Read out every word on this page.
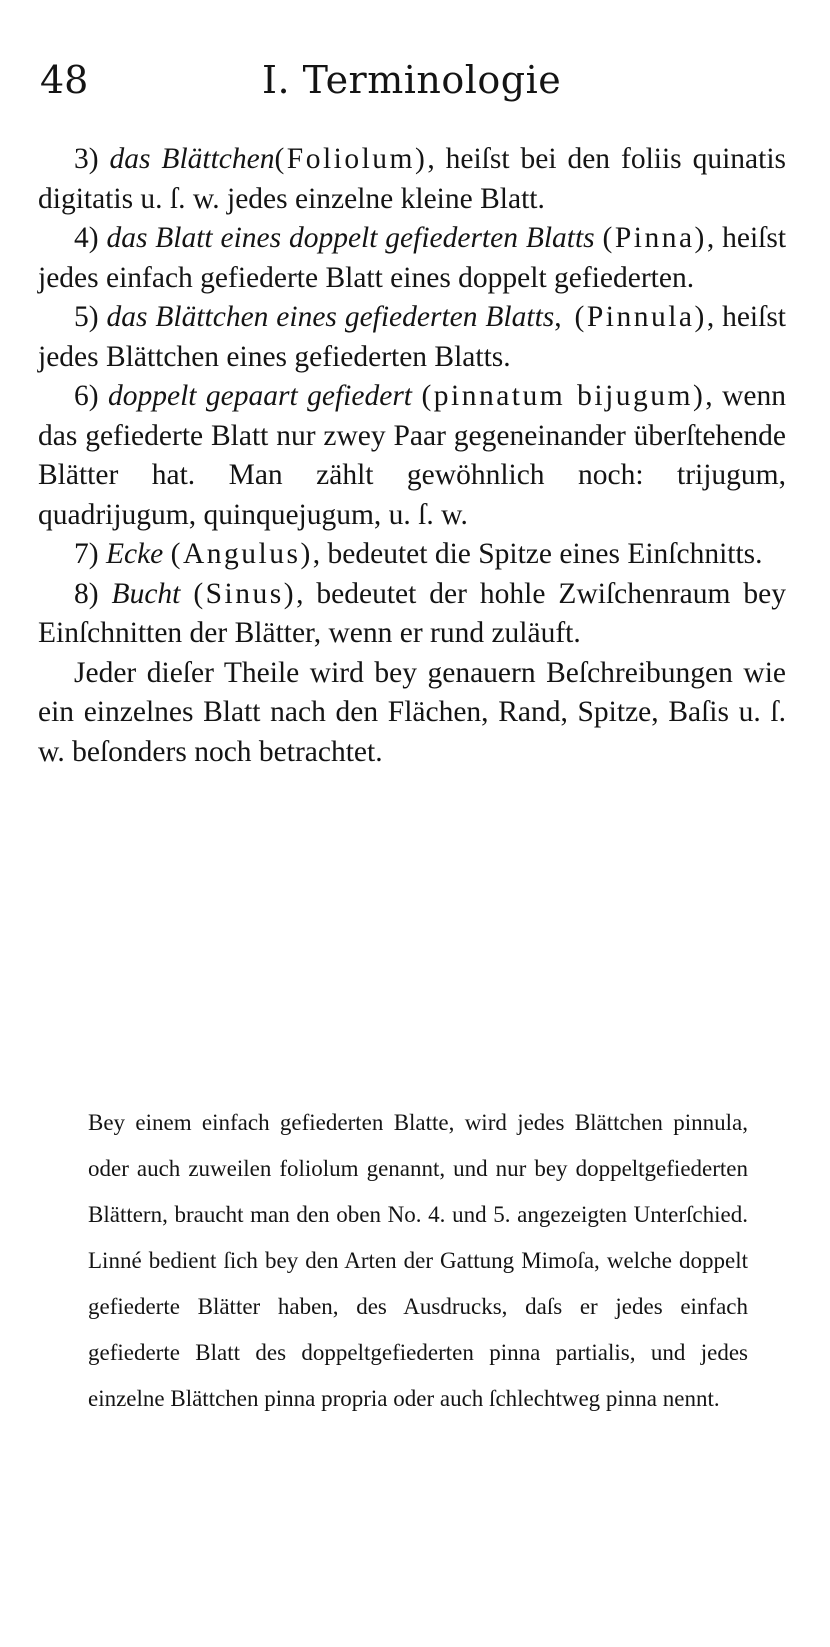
48	I. Terminologie

3) das Blättchen(Foliolum), heiſst bei den foliis quinatis digitatis u. ſ. w. jedes einzelne kleine Blatt.

4) das Blatt eines doppelt gefiederten Blatts (Pinna), heiſst jedes einfach gefiederte Blatt eines doppelt gefiederten.

5) das Blättchen eines gefiederten Blatts, (Pinnula), heiſst jedes Blättchen eines gefiederten Blatts.

6) doppelt gepaart gefiedert (pinnatum bijugum), wenn das gefiederte Blatt nur zwey Paar gegeneinander überſtehende Blätter hat. Man zählt gewöhnlich noch: trijugum, quadrijugum, quinquejugum, u. ſ. w.

7) Ecke (Angulus), bedeutet die Spitze eines Einſchnitts.

8) Bucht (Sinus), bedeutet der hohle Zwiſchenraum bey Einſchnitten der Blätter, wenn er rund zuläuft.

Jeder dieſer Theile wird bey genauern Beſchreibungen wie ein einzelnes Blatt nach den Flächen, Rand, Spitze, Baſis u. ſ. w. beſonders noch betrachtet.

Bey einem einfach gefiederten Blatte, wird jedes Blättchen pinnula, oder auch zuweilen foliolum genannt, und nur bey doppeltgefiederten Blättern, braucht man den oben No. 4. und 5. angezeigten Unterſchied. Linné bedient ſich bey den Arten der Gattung Mimoſa, welche doppelt gefiederte Blätter haben, des Ausdrucks, daſs er jedes einfach gefiederte Blatt des doppeltgefiederten pinna partialis, und jedes einzelne Blättchen pinna propria oder auch ſchlechtweg pinna nennt.
